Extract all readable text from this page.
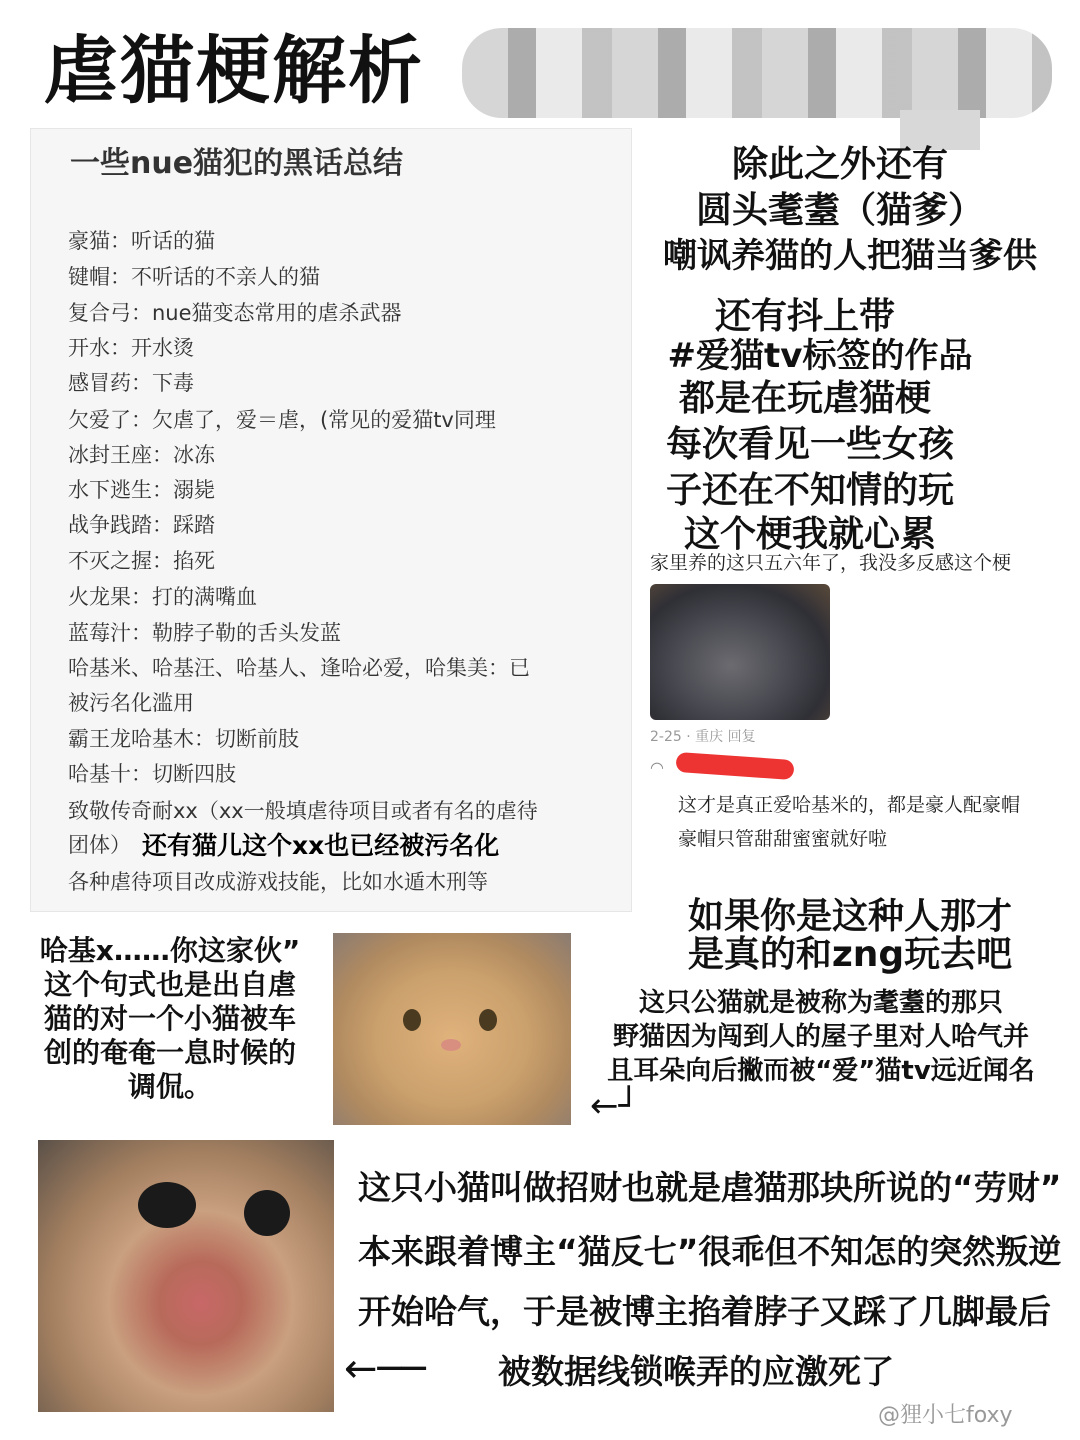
虐猫梗解析
一些nue猫犯的黑话总结
豪猫：听话的猫
键帽：不听话的不亲人的猫
复合弓：nue猫变态常用的虐杀武器
开水：开水烫
感冒药：下毒
欠爱了：欠虐了，爱＝虐，(常见的爱猫tv同理
冰封王座：冰冻
水下逃生：溺毙
战争践踏：踩踏
不灭之握：掐死
火龙果：打的满嘴血
蓝莓汁：勒脖子勒的舌头发蓝
哈基米、哈基汪、哈基人、逢哈必爱，哈集美：已
被污名化滥用
霸王龙哈基木：切断前肢
哈基十：切断四肢
致敬传奇耐xx（xx一般填虐待项目或者有名的虐待
团体）
各种虐待项目改成游戏技能，比如水遁木刑等
还有猫儿这个xx也已经被污名化
除此之外还有
圆头耄耋（猫爹）
嘲讽养猫的人把猫当爹供
还有抖上带
#爱猫tv标签的作品
都是在玩虐猫梗
每次看见一些女孩
子还在不知情的玩
这个梗我就心累
家里养的这只五六年了，我没多反感这个梗
2-25 · 重庆 回复
◠
这才是真正爱哈基米的，都是豪人配豪帽
豪帽只管甜甜蜜蜜就好啦
如果你是这种人那才
是真的和zng玩去吧
哈基x……你这家伙”
这个句式也是出自虐
猫的对一个小猫被车
创的奄奄一息时候的
调侃。
这只公猫就是被称为耄耋的那只
野猫因为闯到人的屋子里对人哈气并
且耳朵向后撇而被“爱”猫tv远近闻名
←┘
这只小猫叫做招财也就是虐猫那块所说的“劳财”
本来跟着博主“猫反七”很乖但不知怎的突然叛逆
开始哈气，于是被博主掐着脖子又踩了几脚最后
被数据线锁喉弄的应激死了
←──
@狸小七foxy
